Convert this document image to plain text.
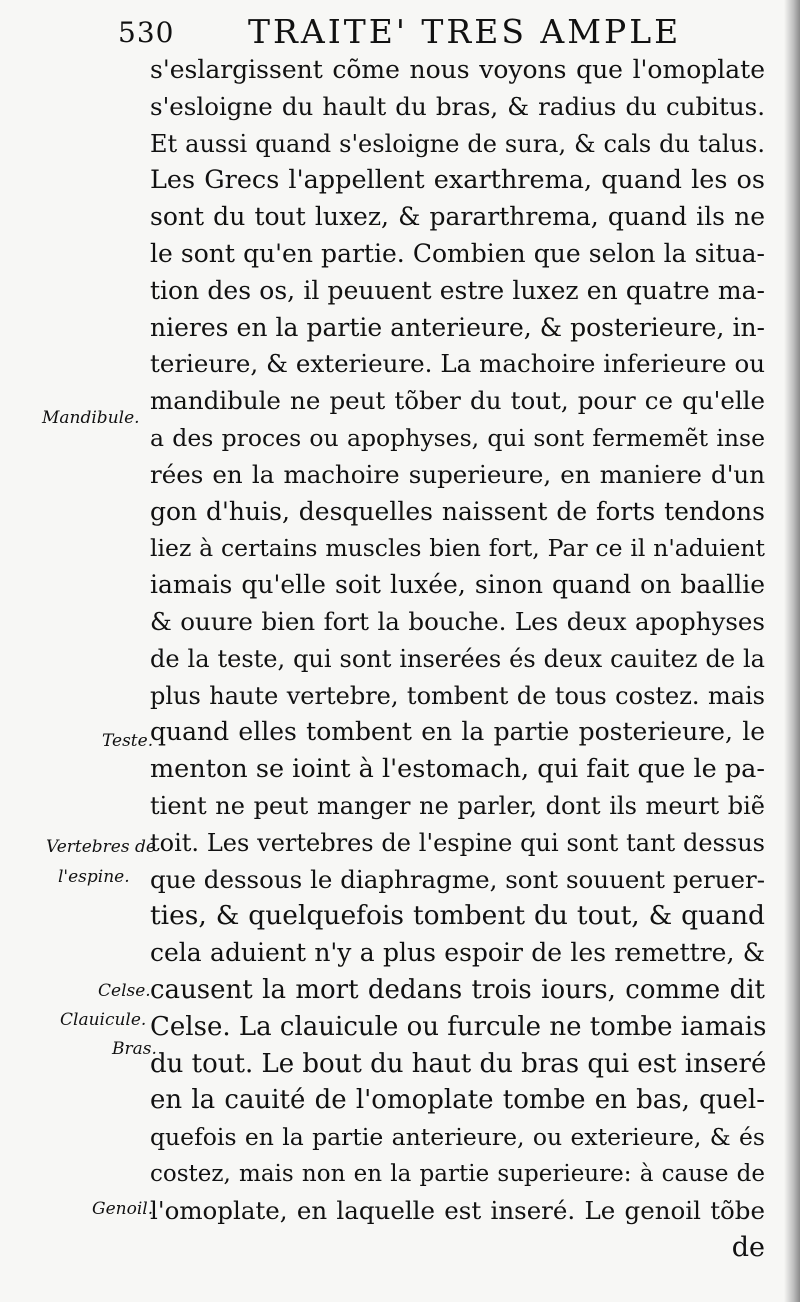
530 TRAITE' TRES AMPLE
s'eslargissent cõme nous voyons que l'omoplate
s'esloigne du hault du bras, & radius du cubitus.
Et aussi quand s'esloigne de sura, & cals du talus.
Les Grecs l'appellent exarthrema, quand les os
sont du tout luxez, & pararthrema, quand ils ne
le sont qu'en partie. Combien que selon la situa-
tion des os, il peuuent estre luxez en quatre ma-
nieres en la partie anterieure, & posterieure, in-
terieure, & exterieure. La machoire inferieure ou
mandibule ne peut tõber du tout, pour ce qu'elle
a des proces ou apophyses, qui sont fermemẽt inse
rées en la machoire superieure, en maniere d'un
gon d'huis, desquelles naissent de forts tendons
liez à certains muscles bien fort, Par ce il n'aduient
iamais qu'elle soit luxée, sinon quand on baallie
& ouure bien fort la bouche. Les deux apophyses
de la teste, qui sont inserées és deux cauitez de la
plus haute vertebre, tombent de tous costez. mais
quand elles tombent en la partie posterieure, le
menton se ioint à l'estomach, qui fait que le pa-
tient ne peut manger ne parler, dont ils meurt biẽ
toit. Les vertebres de l'espine qui sont tant dessus
que dessous le diaphragme, sont souuent peruer-
ties, & quelquefois tombent du tout, & quand
cela aduient n'y a plus espoir de les remettre, &
causent la mort dedans trois iours, comme dit
Celse. La clauicule ou furcule ne tombe iamais
du tout. Le bout du haut du bras qui est inseré
en la cauité de l'omoplate tombe en bas, quel-
quefois en la partie anterieure, ou exterieure, & és
costez, mais non en la partie superieure: à cause de
l'omoplate, en laquelle est inseré. Le genoil tõbe
de
Mandibule.
Teste.
Vertebres de
l'espine.
Celse.
Clauicule.
Bras.
Genoil.
